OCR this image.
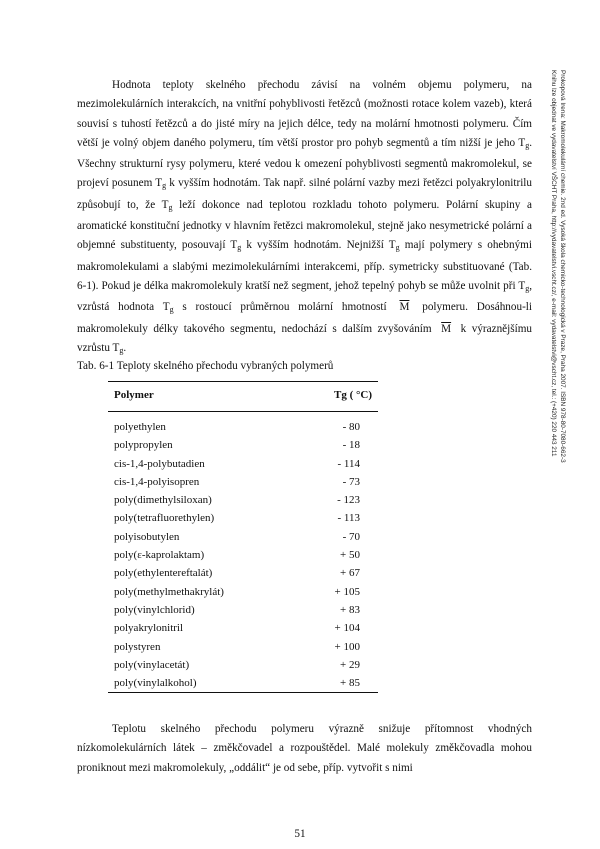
Hodnota teploty skelného přechodu závisí na volném objemu polymeru, na mezimolekulárních interakcích, na vnitřní pohyblivosti řetězců (možnosti rotace kolem vazeb), která souvisí s tuhostí řetězců a do jisté míry na jejich délce, tedy na molární hmotnosti polymeru. Čím větší je volný objem daného polymeru, tím větší prostor pro pohyb segmentů a tím nižší je jeho $T_g$. Všechny strukturní rysy polymeru, které vedou k omezení pohyblivosti segmentů makromolekul, se projeví posunem $T_g$ k vyšším hodnotám. Tak např. silné polární vazby mezi řetězci polyakrylonitrilu způsobují to, že $T_g$ leží dokonce nad teplotou rozkladu tohoto polymeru. Polární skupiny a aromatické konstituční jednotky v hlavním řetězci makromolekul, stejně jako nesymetrické polární a objemné substituenty, posouvají $T_g$ k vyšším hodnotám. Nejnižší $T_g$ mají polymery s ohebnými makromolekulami a slabými mezimolekulárními interakcemi, příp. symetricky substituované (Tab. 6-1). Pokud je délka makromolekuly kratší než segment, jehož tepelný pohyb se může uvolnit při $T_g$, vzrůstá hodnota $T_g$ s rostoucí průměrnou molární hmotností $\overline{M}$ polymeru. Dosáhnou-li makromolekuly délky takového segmentu, nedochází s dalším zvyšováním $\overline{M}$ k výraznějšímu vzrůstu $T_g$.

Tab. 6-1 Teploty skelného přechodu vybraných polymerů

Polymer	Tg ( °C)
polyethylen	- 80
polypropylen	- 18
cis-1,4-polybutadien	- 114
cis-1,4-polyisopren	- 73
poly(dimethylsiloxan)	- 123
poly(tetrafluorethylen)	- 113
polyisobutylen	- 70
poly(ε-kaprolaktam)	+ 50
poly(ethylentereftalát)	+ 67
poly(methylmethakrylát)	+ 105
poly(vinylchlorid)	+ 83
polyakrylonitril	+ 104
polystyren	+ 100
poly(vinylacetát)	+ 29
poly(vinylalkohol)	+ 85

Teplotu skelného přechodu polymeru výrazně snižuje přítomnost vhodných nízkomolekulárních látek – změkčovadel a rozpouštědel. Malé molekuly změkčovadla mohou proniknout mezi makromolekuly, „oddálit“ je od sebe, příp. vytvořit s nimi

51

Prokopová Irena: Makromolekulární chemie. 2nd ed. Vysoká škola chemicko-technologická v Praze, Praha 2007. ISBN 978-80-7080-662-3
Knihu lze objednat ve vydavatelství VŠCHT Praha, http://vydavatelstvi.vscht.cz/, e-mail: vydavatelstvi@vscht.cz, tel.: (+420) 220 443 211
